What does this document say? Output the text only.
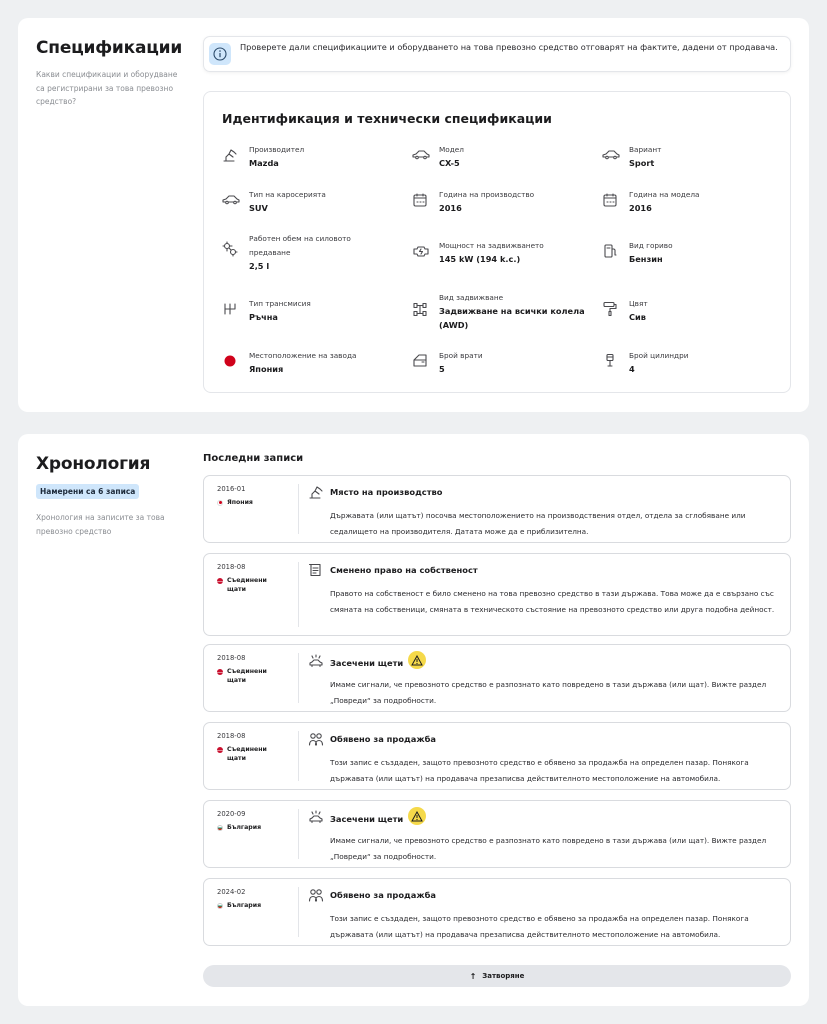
Спецификации

Какви спецификации и оборудване са регистрирани за това превозно средство?

Проверете дали спецификациите и оборудването на това превозно средство отговарят на фактите, дадени от продавача.

Идентификация и технически спецификации
Производител
Mazda
Модел
CX-5
Вариант
Sport
Тип на каросерията
SUV
Година на производство
2016
Година на модела
2016
Работен обем на силовото предаване
2,5 l
Мощност на задвижването
145 kW (194 k.c.)
Вид гориво
Бензин
Тип трансмисия
Ръчна
Вид задвижване
Задвижване на всички колела (AWD)
Цвят
Сив
Местоположение на завода
Япония
Брой врати
5
Брой цилиндри
4
Хронология
Намерени са 6 записа

Хронология на записите за това превозно средство

Последни записи
2016-01
Япония
Място на производство

Държавата (или щатът) посочва местоположението на производствения отдел, отдела за сглобяване или седалището на производителя. Датата може да е приблизителна.

2018-08
Съединени щати
Сменено право на собственост

Правото на собственост е било сменено на това превозно средство в тази държава. Това може да е свързано със смяната на собственици, смяната в техническото състояние на превозното средство или друга подобна дейност.

2018-08
Съединени щати
Засечени щети

Имаме сигнали, че превозното средство е разпознато като повредено в тази държава (или щат). Вижте раздел „Повреди“ за подробности.

2018-08
Съединени щати
Обявено за продажба

Този запис е създаден, защото превозното средство е обявено за продажба на определен пазар. Понякога държавата (или щатът) на продавача презаписва действителното местоположение на автомобила.

2020-09
България
Засечени щети

Имаме сигнали, че превозното средство е разпознато като повредено в тази държава (или щат). Вижте раздел „Повреди“ за подробности.

2024-02
България
Обявено за продажба

Този запис е създаден, защото превозното средство е обявено за продажба на определен пазар. Понякога държавата (или щатът) на продавача презаписва действителното местоположение на автомобила.

↑ Затворяне
